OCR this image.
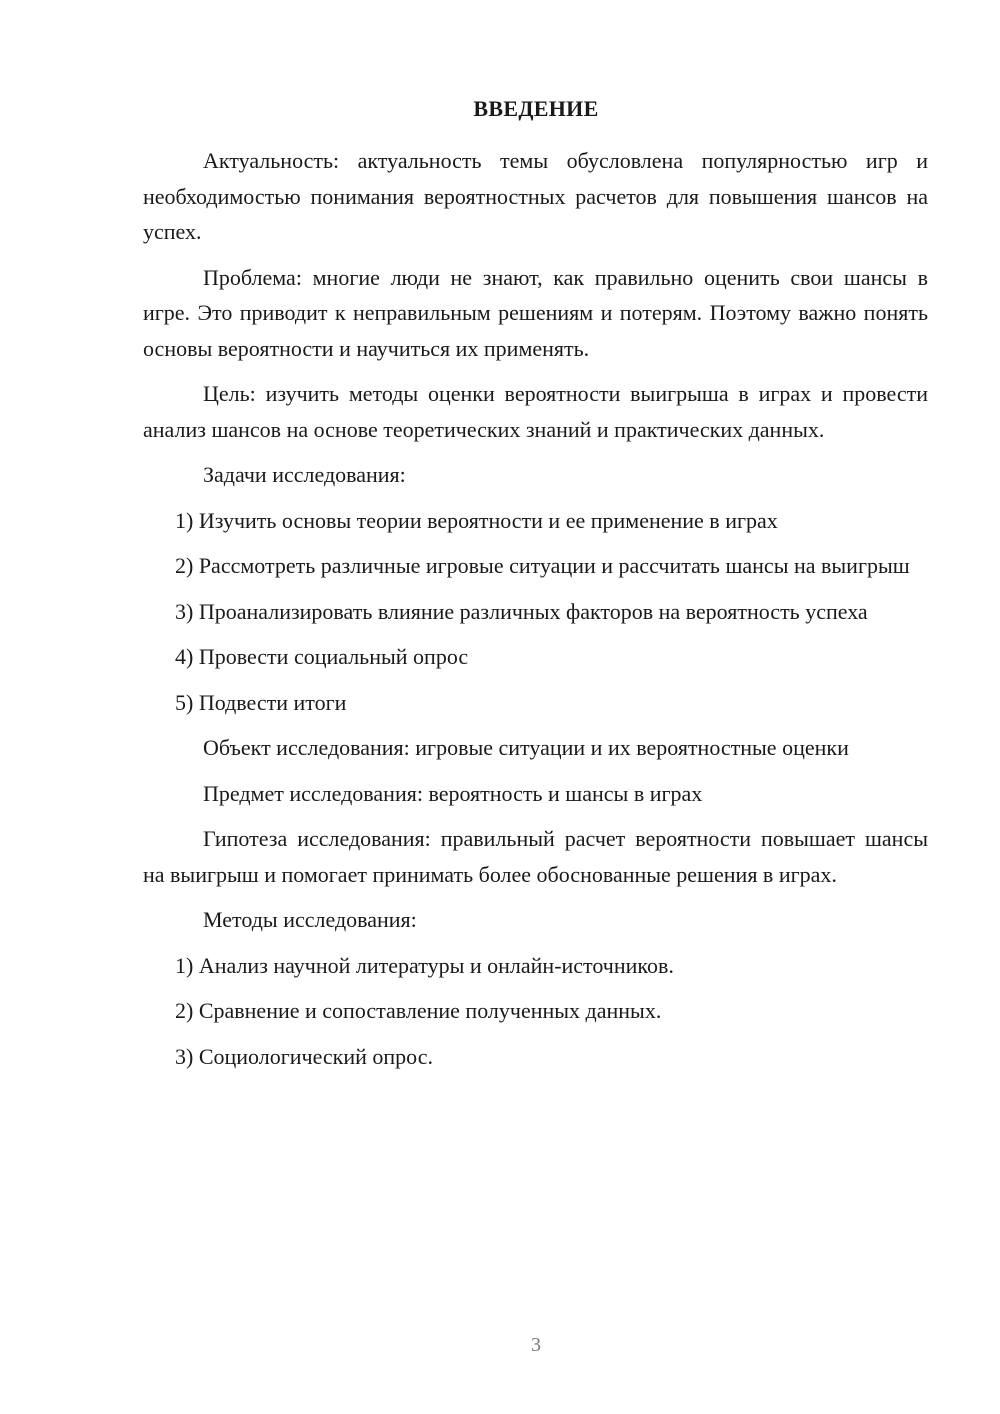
ВВЕДЕНИЕ

Актуальность: актуальность темы обусловлена популярностью игр и необходимостью понимания вероятностных расчетов для повышения шансов на успех.

Проблема: многие люди не знают, как правильно оценить свои шансы в игре. Это приводит к неправильным решениям и потерям. Поэтому важно понять основы вероятности и научиться их применять.

Цель: изучить методы оценки вероятности выигрыша в играх и провести анализ шансов на основе теоретических знаний и практических данных.

Задачи исследования:

1) Изучить основы теории вероятности и ее применение в играх

2) Рассмотреть различные игровые ситуации и рассчитать шансы на выигрыш

3) Проанализировать влияние различных факторов на вероятность успеха

4) Провести социальный опрос

5) Подвести итоги

Объект исследования: игровые ситуации и их вероятностные оценки

Предмет исследования: вероятность и шансы в играх

Гипотеза исследования: правильный расчет вероятности повышает шансы на выигрыш и помогает принимать более обоснованные решения в играх.

Методы исследования:

1) Анализ научной литературы и онлайн-источников.

2) Сравнение и сопоставление полученных данных.

3) Социологический опрос.

3
